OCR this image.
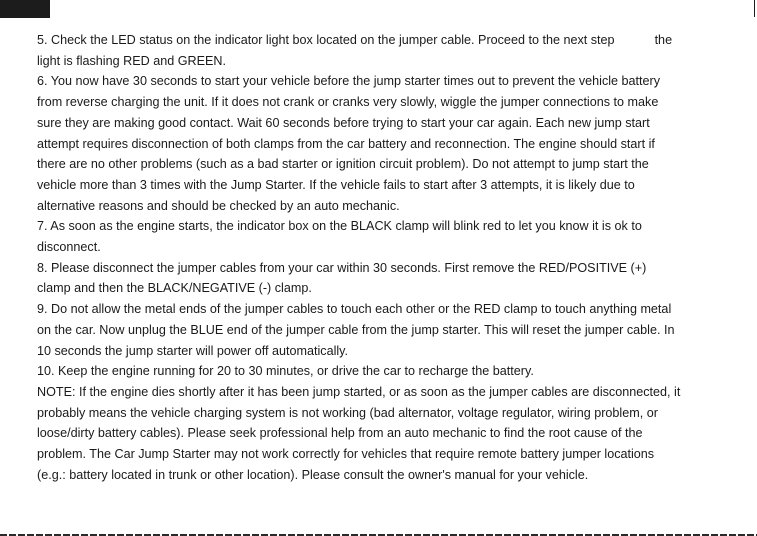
5. Check the LED status on the indicator light box located on the jumper cable. Proceed to the next step	the
light is flashing RED and GREEN.
6. You now have 30 seconds to start your vehicle before the jump starter times out to prevent the vehicle battery
from reverse charging the unit. If it does not crank or cranks very slowly, wiggle the jumper connections to make
sure they are making good contact. Wait 60 seconds before trying to start your car again. Each new jump start
attempt requires disconnection of both clamps from the car battery and reconnection. The engine should start if
there are no other problems (such as a bad starter or ignition circuit problem). Do not attempt to jump start the
vehicle more than 3 times with the Jump Starter. If the vehicle fails to start after 3 attempts, it is likely due to
alternative reasons and should be checked by an auto mechanic.
7. As soon as the engine starts, the indicator box on the BLACK clamp will blink red to let you know it is ok to
disconnect.
8. Please disconnect the jumper cables from your car within 30 seconds. First remove the RED/POSITIVE (+)
clamp and then the BLACK/NEGATIVE (-) clamp.
9. Do not allow the metal ends of the jumper cables to touch each other or the RED clamp to touch anything metal
on the car. Now unplug the BLUE end of the jumper cable from the jump starter. This will reset the jumper cable. In
10 seconds the jump starter will power off automatically.
10. Keep the engine running for 20 to 30 minutes, or drive the car to recharge the battery.
NOTE: If the engine dies shortly after it has been jump started, or as soon as the jumper cables are disconnected, it
probably means the vehicle charging system is not working (bad alternator, voltage regulator, wiring problem, or
loose/dirty battery cables). Please seek professional help from an auto mechanic to find the root cause of the
problem. The Car Jump Starter may not work correctly for vehicles that require remote battery jumper locations
(e.g.: battery located in trunk or other location). Please consult the owner's manual for your vehicle.
